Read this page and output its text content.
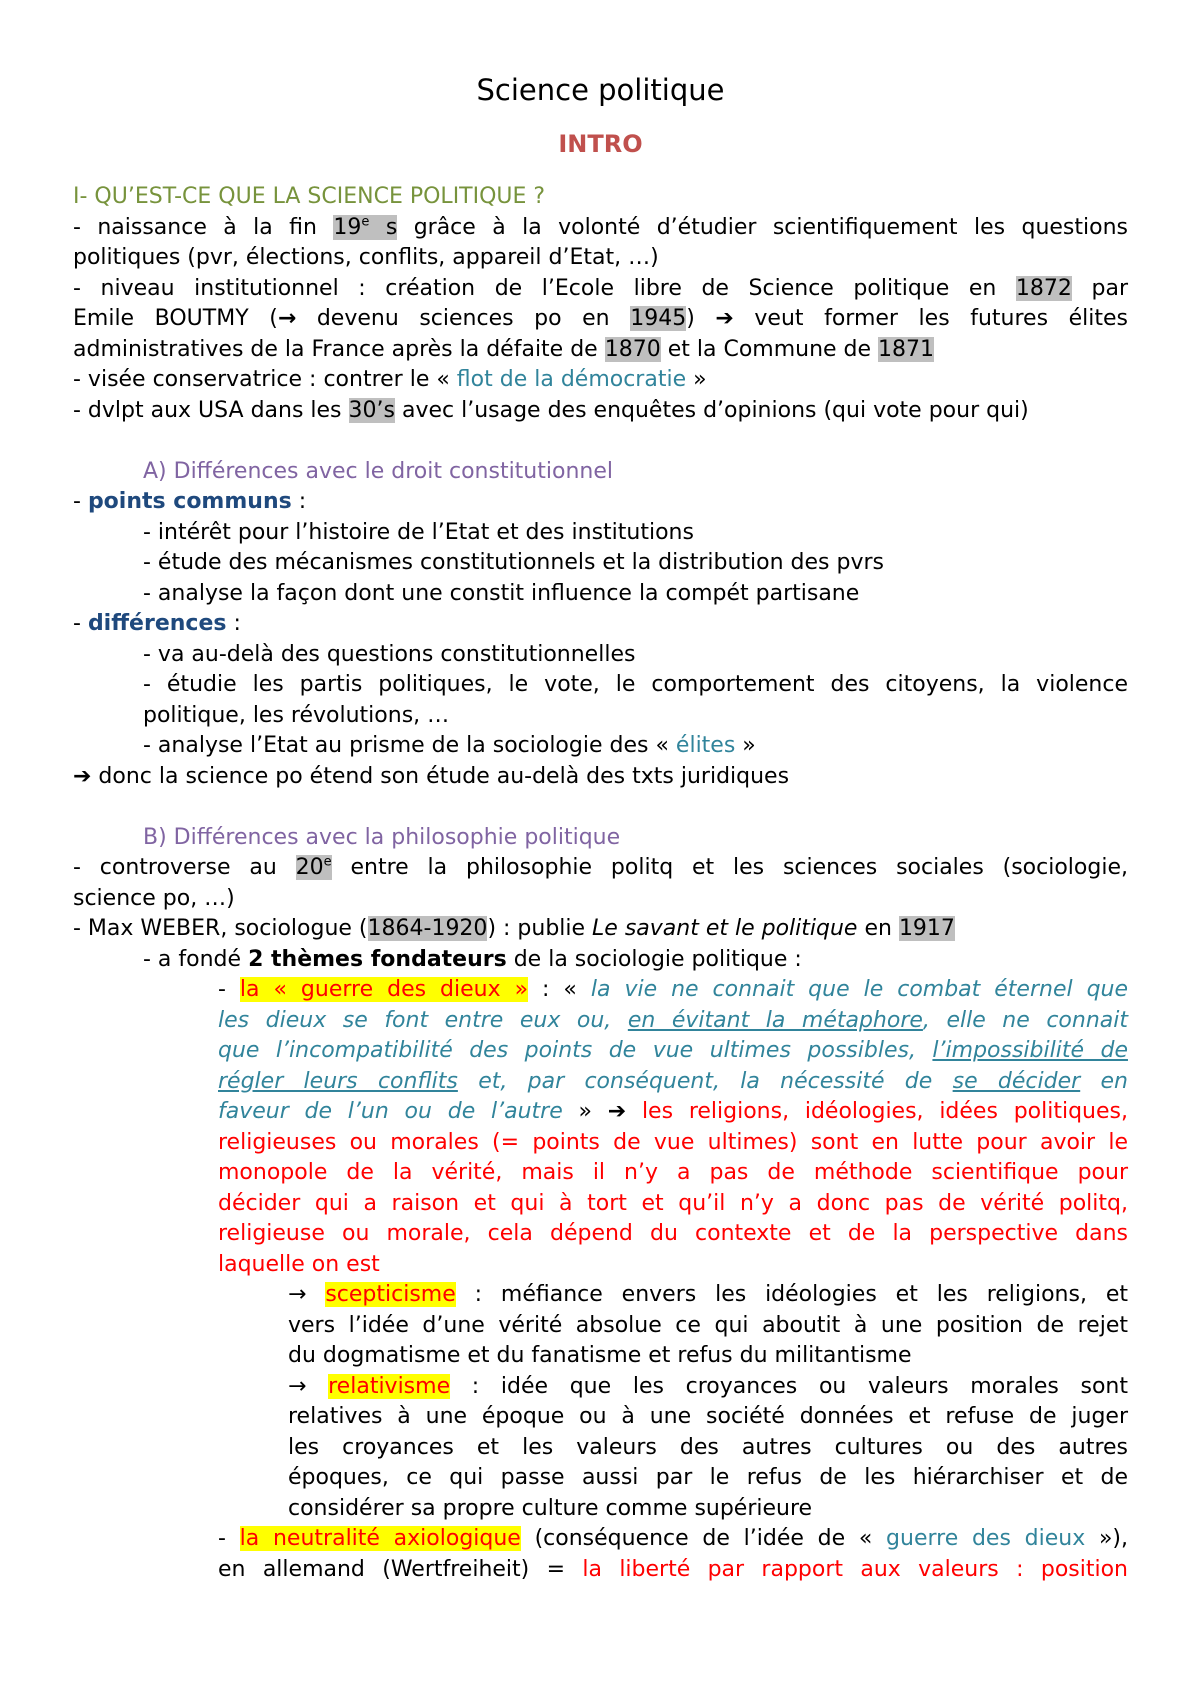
Science politique

INTRO

I- QU’EST-CE QUE LA SCIENCE POLITIQUE ?

- naissance à la fin 19e s grâce à la volonté d’étudier scientifiquement les questions

politiques (pvr, élections, conflits, appareil d’Etat, …)

- niveau institutionnel : création de l’Ecole libre de Science politique en 1872 par

Emile BOUTMY (→ devenu sciences po en 1945) ➔ veut former les futures élites

administratives de la France après la défaite de 1870 et la Commune de 1871

- visée conservatrice : contrer le « flot de la démocratie »

- dvlpt aux USA dans les 30’s avec l’usage des enquêtes d’opinions (qui vote pour qui)

A) Différences avec le droit constitutionnel

- points communs :

- intérêt pour l’histoire de l’Etat et des institutions

- étude des mécanismes constitutionnels et la distribution des pvrs

- analyse la façon dont une constit influence la compét partisane

- différences :

- va au-delà des questions constitutionnelles

- étudie les partis politiques, le vote, le comportement des citoyens, la violence

politique, les révolutions, …

- analyse l’Etat au prisme de la sociologie des « élites »

➔ donc la science po étend son étude au-delà des txts juridiques

B) Différences avec la philosophie politique

- controverse au 20e entre la philosophie politq et les sciences sociales (sociologie,

science po, …)

- Max WEBER, sociologue (1864-1920) : publie Le savant et le politique en 1917

- a fondé 2 thèmes fondateurs de la sociologie politique :

- la « guerre des dieux » : « la vie ne connait que le combat éternel que

les dieux se font entre eux ou, en évitant la métaphore, elle ne connait

que l’incompatibilité des points de vue ultimes possibles, l’impossibilité de

régler leurs conflits et, par conséquent, la nécessité de se décider en

faveur de l’un ou de l’autre » ➔ les religions, idéologies, idées politiques,

religieuses ou morales (= points de vue ultimes) sont en lutte pour avoir le

monopole de la vérité, mais il n’y a pas de méthode scientifique pour

décider qui a raison et qui à tort et qu’il n’y a donc pas de vérité politq,

religieuse ou morale, cela dépend du contexte et de la perspective dans

laquelle on est

→ scepticisme : méfiance envers les idéologies et les religions, et

vers l’idée d’une vérité absolue ce qui aboutit à une position de rejet

du dogmatisme et du fanatisme et refus du militantisme

→ relativisme : idée que les croyances ou valeurs morales sont

relatives à une époque ou à une société données et refuse de juger

les croyances et les valeurs des autres cultures ou des autres

époques, ce qui passe aussi par le refus de les hiérarchiser et de

considérer sa propre culture comme supérieure

- la neutralité axiologique (conséquence de l’idée de « guerre des dieux »),

en allemand (Wertfreiheit) = la liberté par rapport aux valeurs : position
